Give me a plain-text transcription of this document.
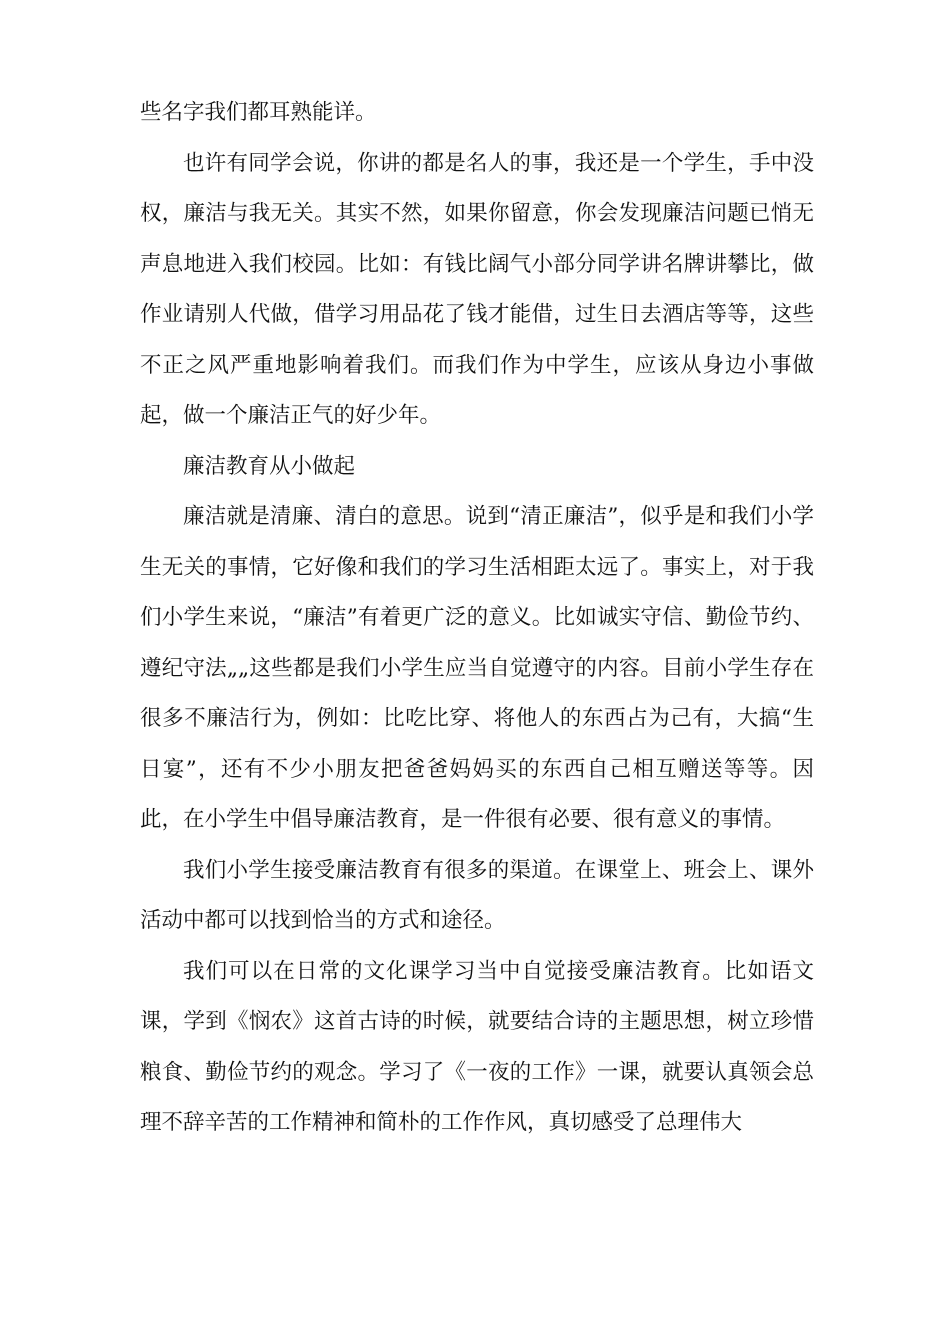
些名字我们都耳熟能详。

也许有同学会说，你讲的都是名人的事，我还是一个学生，手中没权，廉洁与我无关。其实不然，如果你留意，你会发现廉洁问题已悄无声息地进入我们校园。比如：有钱比阔气小部分同学讲名牌讲攀比，做作业请别人代做，借学习用品花了钱才能借，过生日去酒店等等，这些不正之风严重地影响着我们。而我们作为中学生，应该从身边小事做起，做一个廉洁正气的好少年。

廉洁教育从小做起

廉洁就是清廉、清白的意思。说到“清正廉洁”，似乎是和我们小学生无关的事情，它好像和我们的学习生活相距太远了。事实上，对于我们小学生来说，“廉洁”有着更广泛的意义。比如诚实守信、勤俭节约、遵纪守法„„这些都是我们小学生应当自觉遵守的内容。目前小学生存在很多不廉洁行为，例如：比吃比穿、将他人的东西占为己有，大搞“生日宴”，还有不少小朋友把爸爸妈妈买的东西自己相互赠送等等。因此，在小学生中倡导廉洁教育，是一件很有必要、很有意义的事情。

我们小学生接受廉洁教育有很多的渠道。在课堂上、班会上、课外活动中都可以找到恰当的方式和途径。

我们可以在日常的文化课学习当中自觉接受廉洁教育。比如语文课，学到《悯农》这首古诗的时候，就要结合诗的主题思想，树立珍惜粮食、勤俭节约的观念。学习了《一夜的工作》一课，就要认真领会总理不辞辛苦的工作精神和简朴的工作作风，真切感受了总理伟大
